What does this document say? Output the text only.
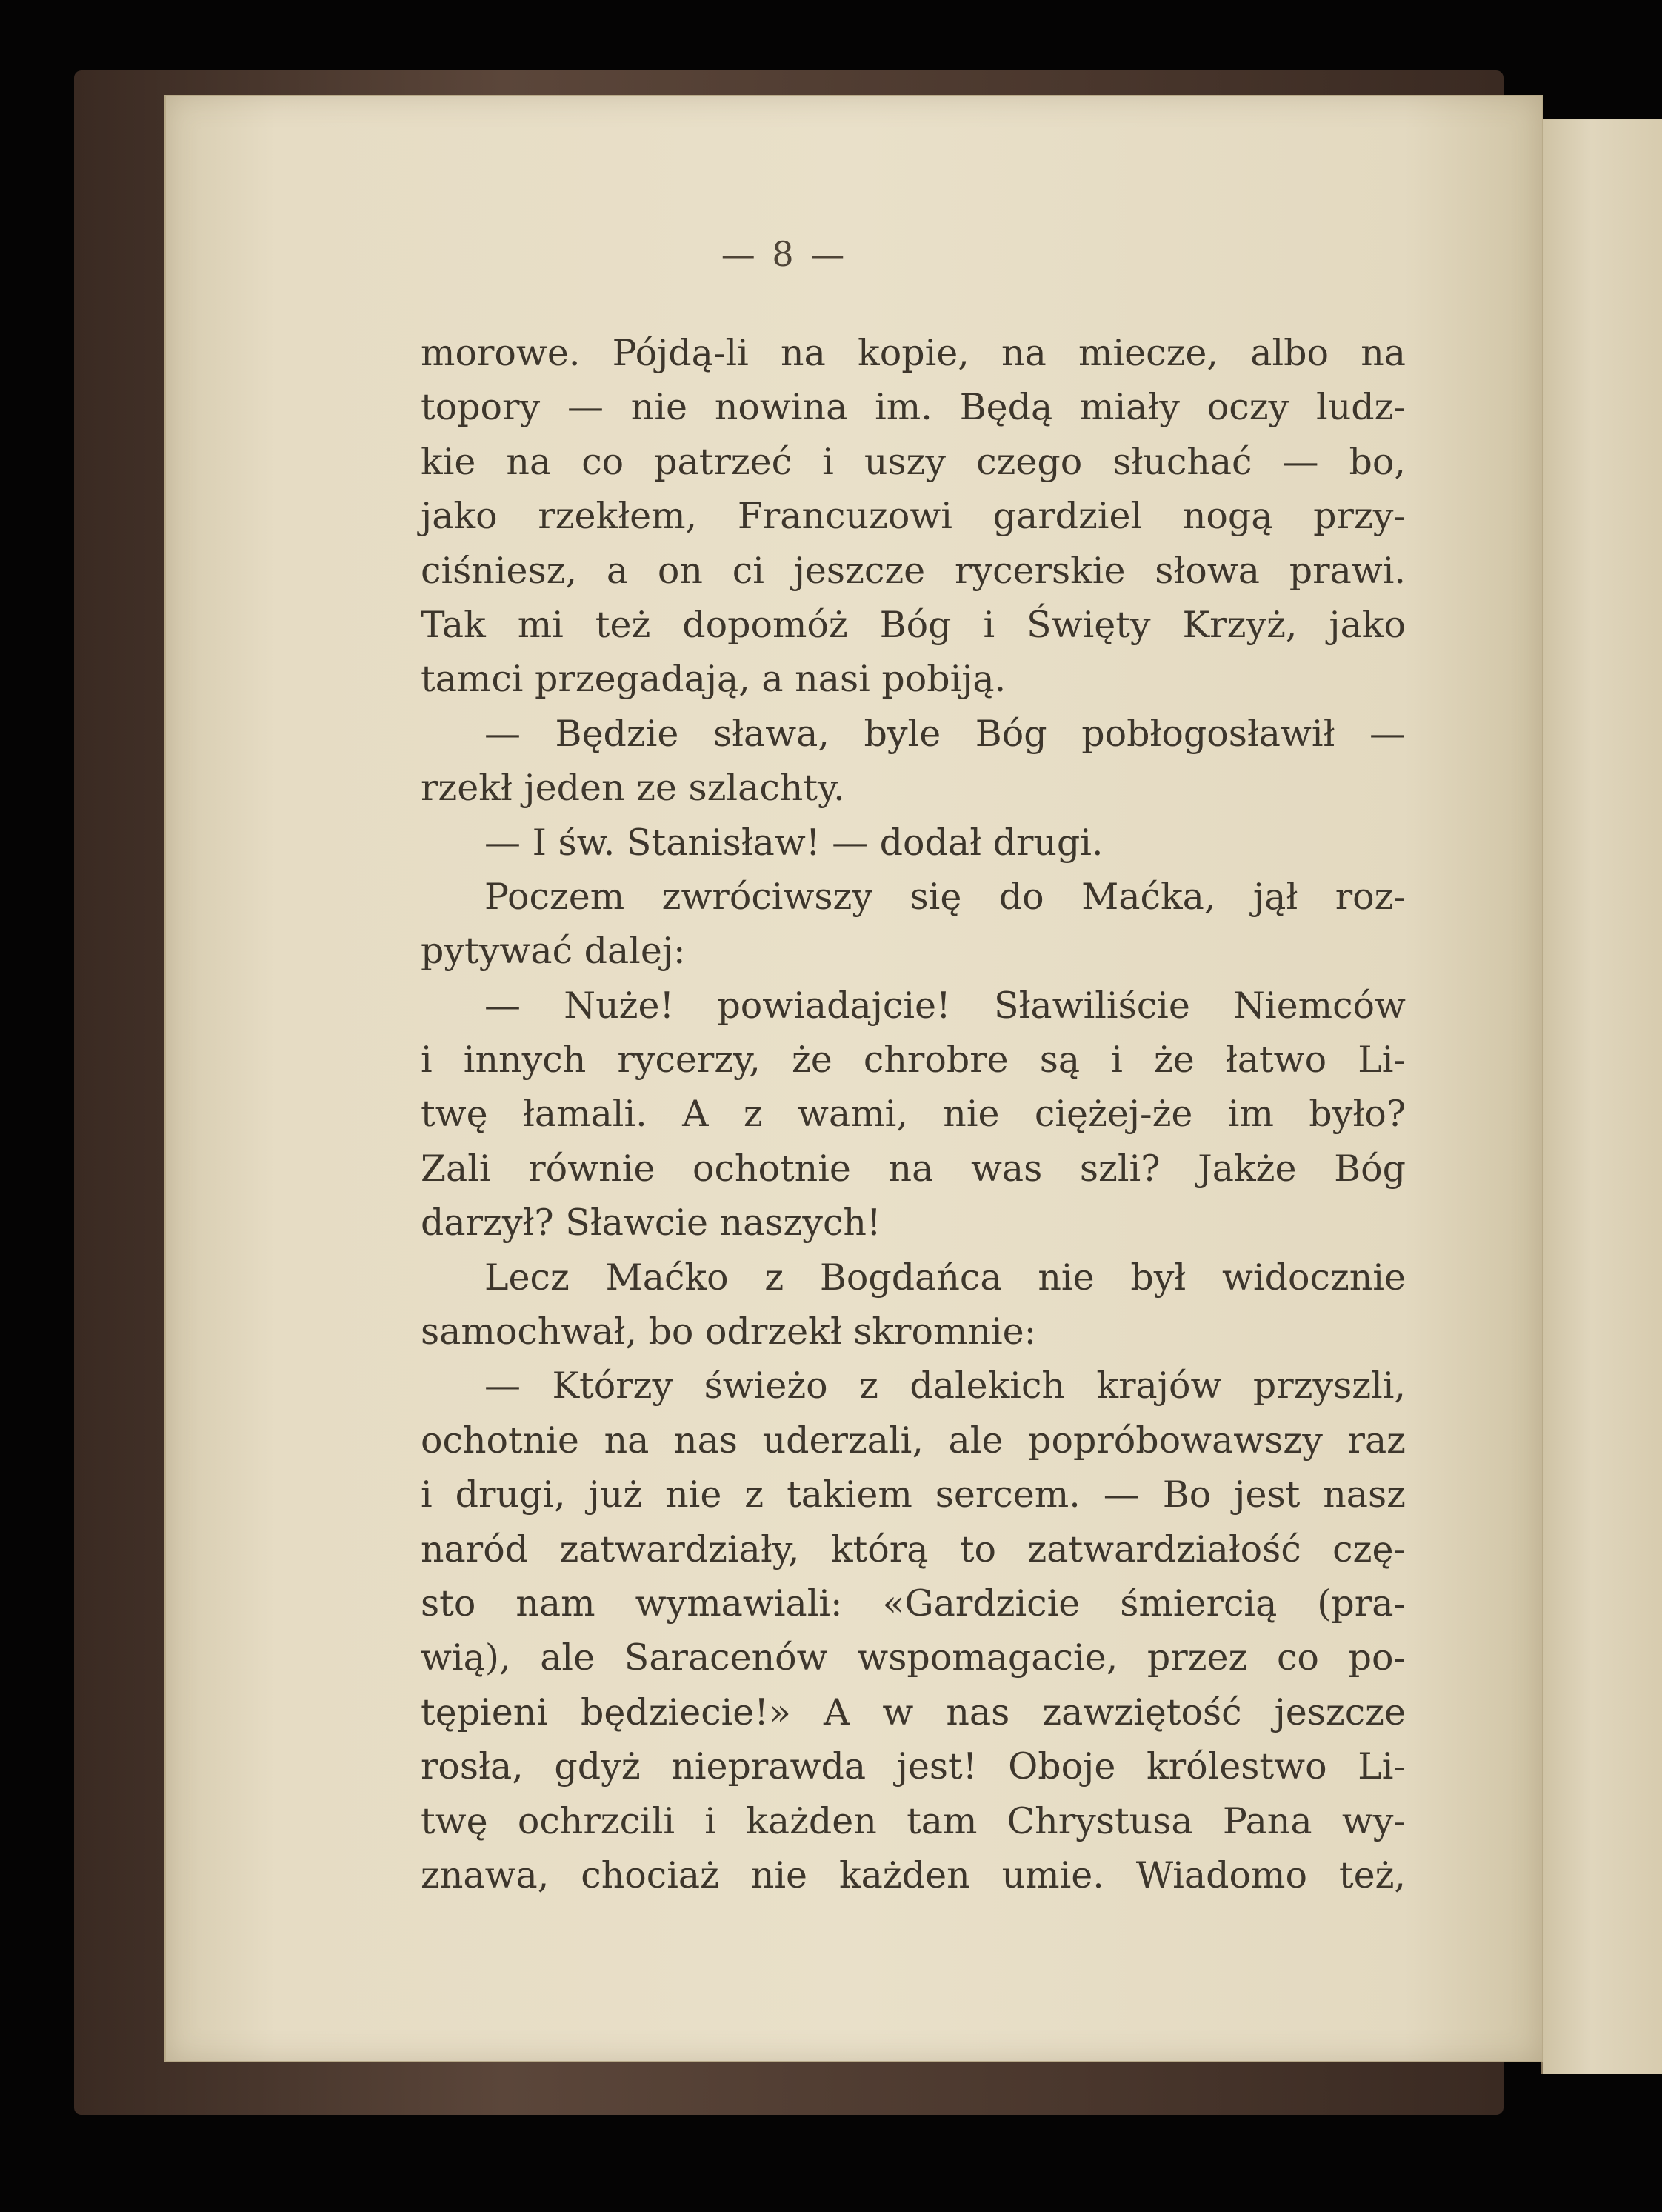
— 8 —
morowe. Pójdą-li na kopie, na miecze, albo na
topory — nie nowina im. Będą miały oczy ludz-
kie na co patrzeć i uszy czego słuchać — bo,
jako rzekłem, Francuzowi gardziel nogą przy-
ciśniesz, a on ci jeszcze rycerskie słowa prawi.
Tak mi też dopomóż Bóg i Święty Krzyż, jako
tamci przegadają, a nasi pobiją.
— Będzie sława, byle Bóg pobłogosławił —
rzekł jeden ze szlachty.
— I św. Stanisław! — dodał drugi.
Poczem zwróciwszy się do Maćka, jął roz-
pytywać dalej:
— Nuże! powiadajcie! Sławiliście Niemców
i innych rycerzy, że chrobre są i że łatwo Li-
twę łamali. A z wami, nie ciężej-że im było?
Zali równie ochotnie na was szli? Jakże Bóg
darzył? Sławcie naszych!
Lecz Maćko z Bogdańca nie był widocznie
samochwał, bo odrzekł skromnie:
— Którzy świeżo z dalekich krajów przyszli,
ochotnie na nas uderzali, ale popróbowawszy raz
i drugi, już nie z takiem sercem. — Bo jest nasz
naród zatwardziały, którą to zatwardziałość czę-
sto nam wymawiali: «Gardzicie śmiercią (pra-
wią), ale Saracenów wspomagacie, przez co po-
tępieni będziecie!» A w nas zawziętość jeszcze
rosła, gdyż nieprawda jest! Oboje królestwo Li-
twę ochrzcili i każden tam Chrystusa Pana wy-
znawa, chociaż nie każden umie. Wiadomo też,
